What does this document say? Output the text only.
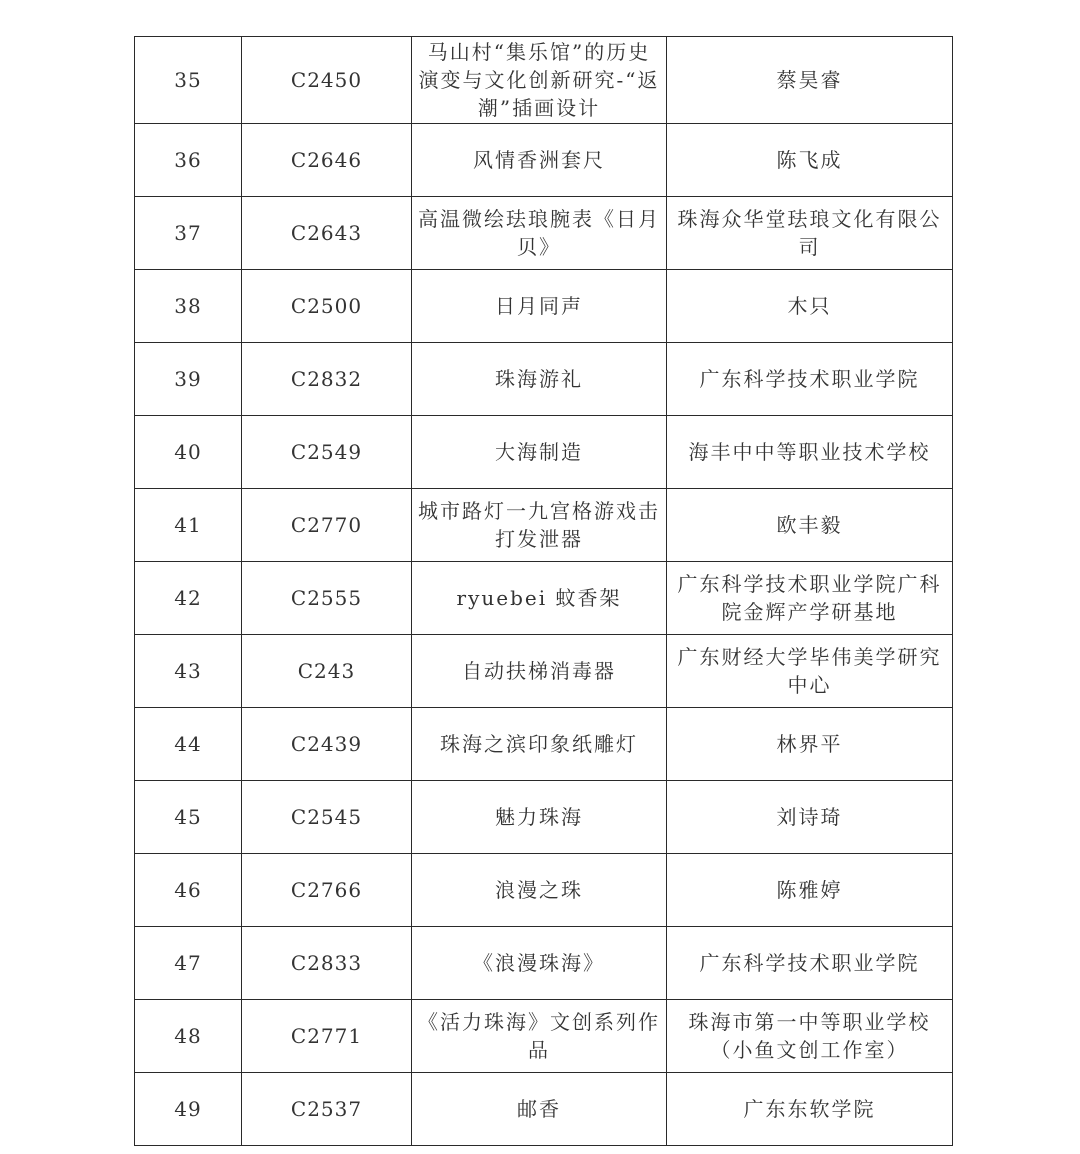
35	C2450	马山村“集乐馆”的历史演变与文化创新研究-“返潮”插画设计	蔡昊睿
36	C2646	风情香洲套尺	陈飞成
37	C2643	高温微绘珐琅腕表《日月贝》	珠海众华堂珐琅文化有限公司
38	C2500	日月同声	木只
39	C2832	珠海游礼	广东科学技术职业学院
40	C2549	大海制造	海丰中中等职业技术学校
41	C2770	城市路灯一九宫格游戏击打发泄器	欧丰毅
42	C2555	ryuebei 蚊香架	广东科学技术职业学院广科院金辉产学研基地
43	C243	自动扶梯消毒器	广东财经大学毕伟美学研究中心
44	C2439	珠海之滨印象纸雕灯	林界平
45	C2545	魅力珠海	刘诗琦
46	C2766	浪漫之珠	陈雅婷
47	C2833	《浪漫珠海》	广东科学技术职业学院
48	C2771	《活力珠海》文创系列作品	珠海市第一中等职业学校（小鱼文创工作室）
49	C2537	邮香	广东东软学院
